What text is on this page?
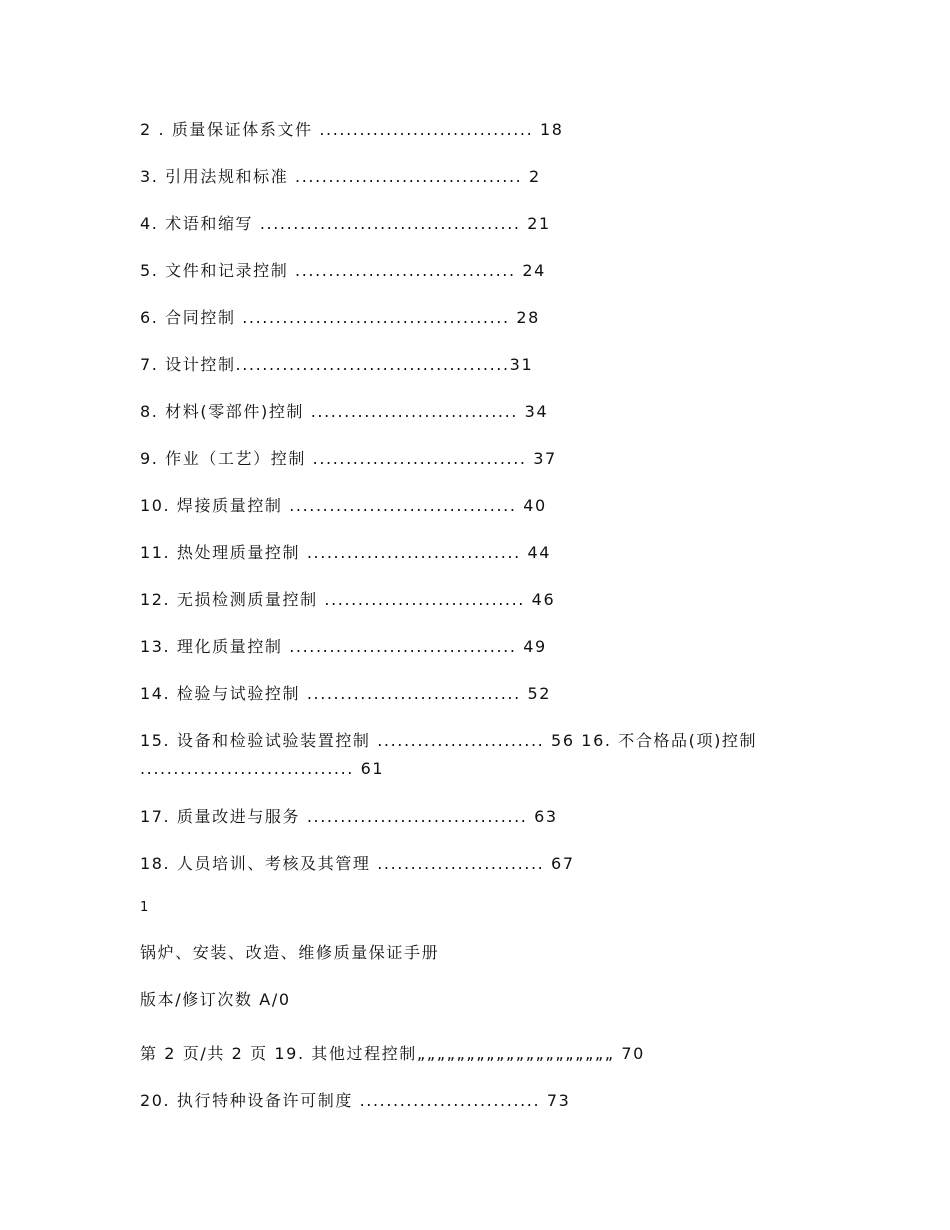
2 . 质量保证体系文件 ................................ 18
3. 引用法规和标准 .................................. 2
4. 术语和缩写 ....................................... 21
5. 文件和记录控制 ................................. 24
6. 合同控制 ........................................ 28
7. 设计控制.........................................31
8. 材料(零部件)控制 ............................... 34
9. 作业（工艺）控制 ................................ 37
10. 焊接质量控制 .................................. 40
11. 热处理质量控制 ................................ 44
12. 无损检测质量控制 .............................. 46
13. 理化质量控制 .................................. 49
14. 检验与试验控制 ................................ 52
15. 设备和检验试验装置控制 ......................... 56 16. 不合格品(项)控制 ................................ 61
17. 质量改进与服务 ................................. 63
18. 人员培训、考核及其管理 ......................... 67
1
锅炉、安装、改造、维修质量保证手册
版本/修订次数 A/0
第 2 页/共 2 页 19. 其他过程控制„„„„„„„„„„„„„„„„„„„„ 70
20. 执行特种设备许可制度 ........................... 73
